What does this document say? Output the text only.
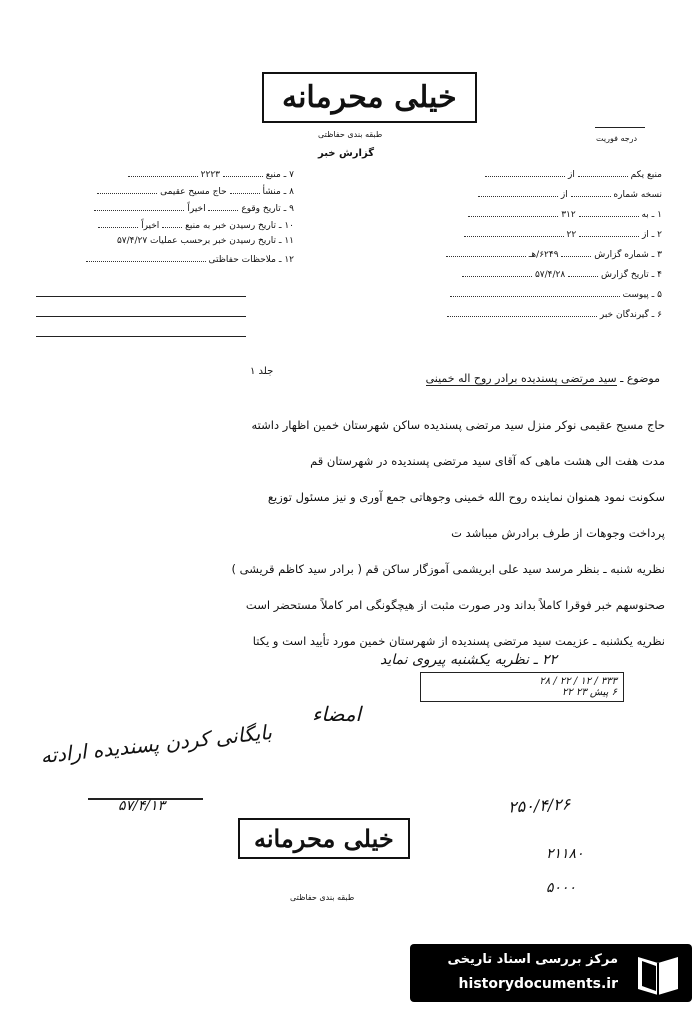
خیلی محرمانه
طبقه بندی حفاظتی
گزارش خبر
درجه فوریت
منبع یکم  از
نسخه شماره  از
۱ ـ به  ۳۱۲
۲ ـ از  ۲۲
۳ ـ شماره گزارش  ۶۲۴۹/هـ
۴ ـ تاریخ گزارش  ۵۷/۴/۲۸
۵ ـ پیوست
۶ ـ گیرندگان خبر
۷ ـ منبع  ۲۲۲۳
۸ ـ منشأ  حاج مسیح عقیمی
۹ ـ تاریخ وقوع  اخیراً
۱۰ ـ تاریخ رسیدن خبر به منبع  اخیراً
۱۱ ـ تاریخ رسیدن خبر برحسب عملیات ۵۷/۴/۲۷
۱۲ ـ ملاحظات حفاظتی
موضوع ـ سید مرتضی پسندیده برادر روح اله خمینی
جلد ۱
حاج مسیح عقیمی نوکر منزل سید مرتضی پسندیده ساکن شهرستان خمین اظهار داشته
مدت هفت الی هشت ماهی که آقای سید مرتضی پسندیده در شهرستان قم
سکونت نمود همنوان نماینده روح الله خمینی وجوهاتی جمع آوری و نیز مسئول توزیع
پرداخت وجوهات از طرف برادرش میباشد ت
نظریه شنبه ـ بنظر مرسد سید علی ابریشمی آموزگار ساکن قم ( برادر سید کاظم قریشی )
صحنوسهم خبر فوقرا کاملاً بداند ودر صورت مثبت از هیچگونگی امر کاملاً مستحضر است
نظریه یکشنبه ـ عزیمت سید مرتضی پسندیده از شهرستان خمین مورد تأیید است و یکتا
۲۲ ـ نظریه یکشنبه پیروی نماید
۳۳۳ / ۱۲ / ۲۲ / ۲۸
۶ پیش ۲۳ ۲۲
امضاء
بایگانی کردن پسندیده ارادته
۵۷/۴/۱۳	۲۵۰/۴/۲۶
۲۱۱۸۰
۵۰۰۰
خیلی محرمانه
طبقه بندی حفاظتی
مرکز بررسی اسناد تاریخی
historydocuments.ir
